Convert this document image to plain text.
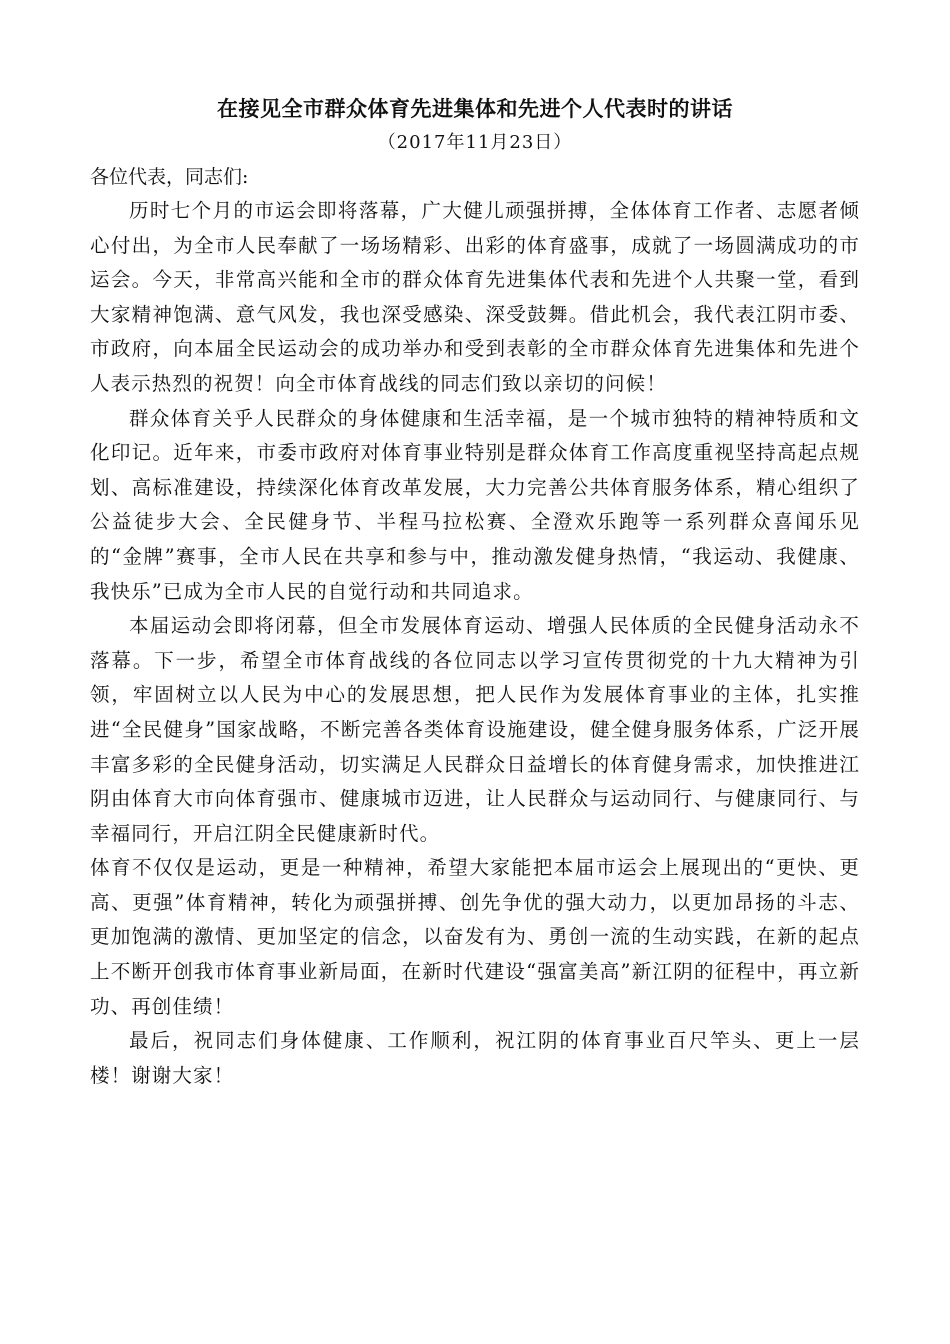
在接见全市群众体育先进集体和先进个人代表时的讲话

（2017年11月23日）

各位代表，同志们:

历时七个月的市运会即将落幕，广大健儿顽强拼搏，全体体育工作者、志愿者倾心付出，为全市人民奉献了一场场精彩、出彩的体育盛事，成就了一场圆满成功的市运会。今天，非常高兴能和全市的群众体育先进集体代表和先进个人共聚一堂，看到大家精神饱满、意气风发，我也深受感染、深受鼓舞。借此机会，我代表江阴市委、市政府，向本届全民运动会的成功举办和受到表彰的全市群众体育先进集体和先进个人表示热烈的祝贺！向全市体育战线的同志们致以亲切的问候！

群众体育关乎人民群众的身体健康和生活幸福，是一个城市独特的精神特质和文化印记。近年来，市委市政府对体育事业特别是群众体育工作高度重视坚持高起点规划、高标准建设，持续深化体育改革发展，大力完善公共体育服务体系，精心组织了公益徒步大会、全民健身节、半程马拉松赛、全澄欢乐跑等一系列群众喜闻乐见的“金牌”赛事，全市人民在共享和参与中，推动激发健身热情，“我运动、我健康、我快乐”已成为全市人民的自觉行动和共同追求。

本届运动会即将闭幕，但全市发展体育运动、增强人民体质的全民健身活动永不落幕。下一步，希望全市体育战线的各位同志以学习宣传贯彻党的十九大精神为引领，牢固树立以人民为中心的发展思想，把人民作为发展体育事业的主体，扎实推进“全民健身”国家战略，不断完善各类体育设施建设，健全健身服务体系，广泛开展丰富多彩的全民健身活动，切实满足人民群众日益增长的体育健身需求，加快推进江阴由体育大市向体育强市、健康城市迈进，让人民群众与运动同行、与健康同行、与幸福同行，开启江阴全民健康新时代。

体育不仅仅是运动，更是一种精神，希望大家能把本届市运会上展现出的“更快、更高、更强”体育精神，转化为顽强拼搏、创先争优的强大动力，以更加昂扬的斗志、更加饱满的激情、更加坚定的信念，以奋发有为、勇创一流的生动实践，在新的起点上不断开创我市体育事业新局面，在新时代建设“强富美高”新江阴的征程中，再立新功、再创佳绩！

最后，祝同志们身体健康、工作顺利，祝江阴的体育事业百尺竿头、更上一层楼！谢谢大家！
